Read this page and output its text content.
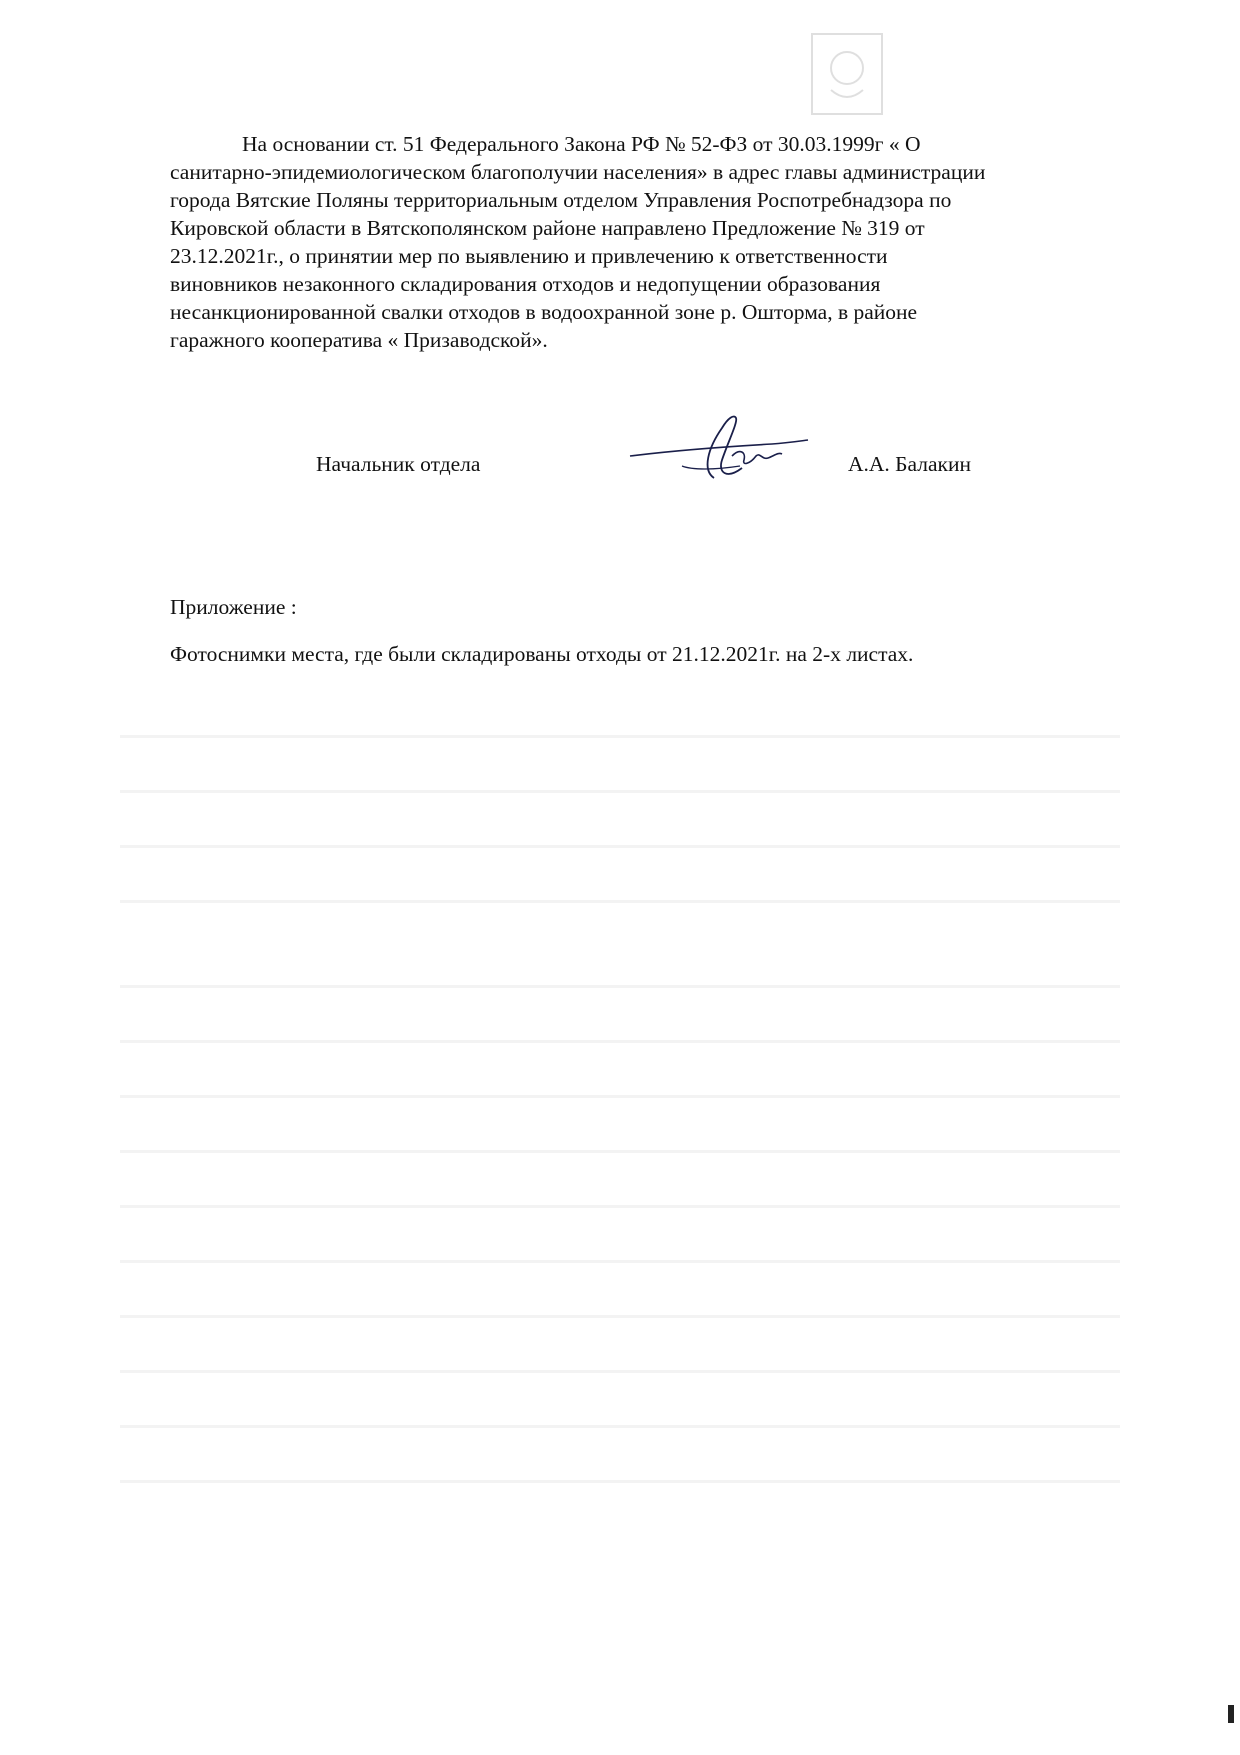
На основании ст. 51 Федерального Закона РФ № 52-ФЗ от 30.03.1999г « О
санитарно-эпидемиологическом благополучии населения» в адрес главы администрации
города Вятские Поляны территориальным отделом Управления Роспотребнадзора по
Кировской области в Вятскополянском районе направлено Предложение № 319 от
23.12.2021г., о принятии мер по выявлению и привлечению к ответственности
виновников незаконного складирования отходов и недопущении образования
несанкционированной свалки отходов в водоохранной зоне р. Ошторма, в районе
гаражного кооператива « Призаводской».

Начальник отдела	А.А. Балакин
Приложение :
Фотоснимки места, где были складированы отходы от 21.12.2021г. на 2-х листах.
